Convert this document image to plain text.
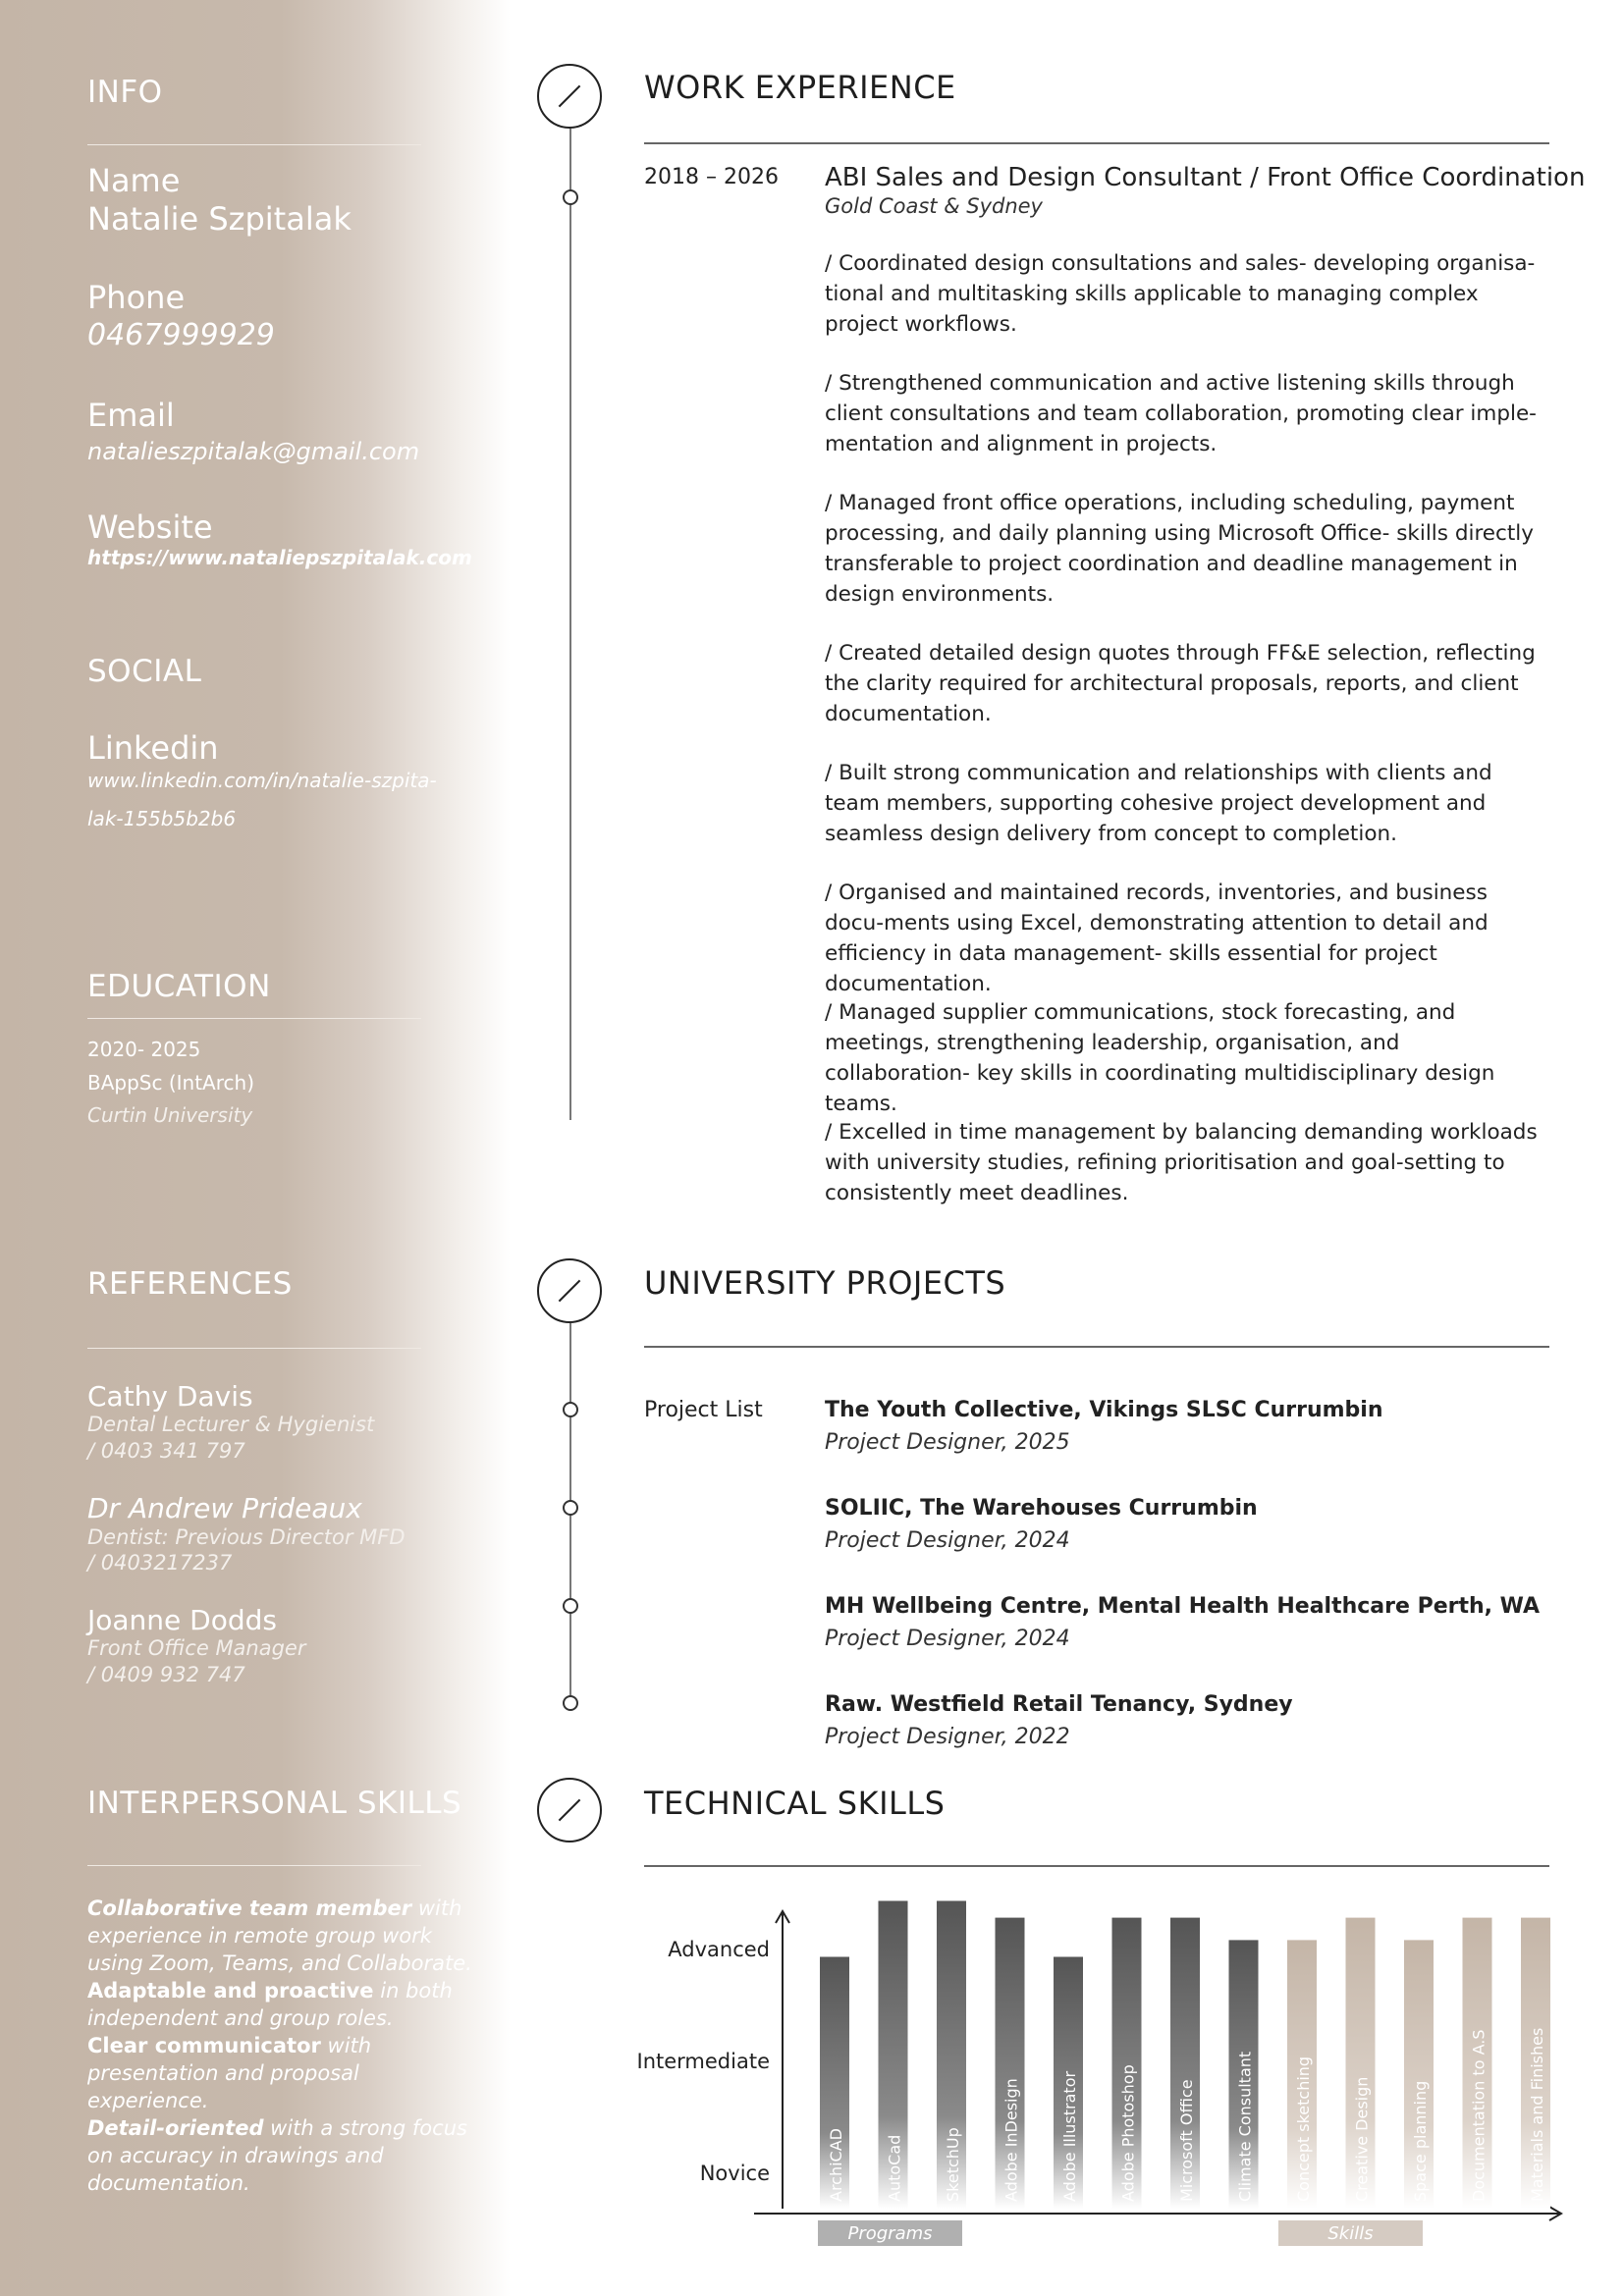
INFO
Name
Natalie Szpitalak
Phone
0467999929
Email
natalieszpitalak@gmail.com
Website
https://www.nataliepszpitalak.com
SOCIAL
Linkedin
www.linkedin.com/in/natalie-szpita-
lak-155b5b2b6
EDUCATION
2020- 2025
BAppSc (IntArch)
Curtin University
REFERENCES
Cathy Davis
Dental Lecturer & Hygienist
/ 0403 341 797
Dr Andrew Prideaux
Dentist: Previous Director MFD
/ 0403217237
Joanne Dodds
Front Office Manager
/ 0409 932 747
INTERPERSONAL SKILLS
Collaborative team member with experience in remote group work using Zoom, Teams, and Collaborate.
Adaptable and proactive in both independent and group roles.
Clear communicator with presentation and proposal experience.
Detail-oriented with a strong focus on accuracy in drawings and documentation.
WORK EXPERIENCE
2018 – 2026 ABI Sales and Design Consultant / Front Office Coordination
Gold Coast & Sydney
/ Coordinated design consultations and sales- developing organisa-tional and multitasking skills applicable to managing complex project workflows.
/ Strengthened communication and active listening skills through client consultations and team collaboration, promoting clear imple-mentation and alignment in projects.
/ Managed front office operations, including scheduling, payment processing, and daily planning using Microsoft Office- skills directly transferable to project coordination and deadline management in design environments.
/ Created detailed design quotes through FF&E selection, reflecting the clarity required for architectural proposals, reports, and client documentation.
/ Built strong communication and relationships with clients and team members, supporting cohesive project development and seamless design delivery from concept to completion.
/ Organised and maintained records, inventories, and business docu-ments using Excel, demonstrating attention to detail and efficiency in data management- skills essential for project documentation.
/ Managed supplier communications, stock forecasting, and meetings, strengthening leadership, organisation, and collaboration- key skills in coordinating multidisciplinary design teams.
/ Excelled in time management by balancing demanding workloads with university studies, refining prioritisation and goal-setting to consistently meet deadlines.
UNIVERSITY PROJECTS
Project List	The Youth Collective, Vikings SLSC Currumbin
Project Designer, 2025
SOLIIC, The Warehouses Currumbin
Project Designer, 2024
MH Wellbeing Centre, Mental Health Healthcare Perth, WA
Project Designer, 2024
Raw. Westfield Retail Tenancy, Sydney
Project Designer, 2022
TECHNICAL SKILLS
Novice
Intermediate
Advanced
ArchiCAD	AutoCad	SketchUp	Adobe InDesign	Adobe Illustrator	Adobe Photoshop	Microsoft Office	Climate Consultant	Concept sketching	Creative Design	Space planning	Documentation to A.S	Materials and Finishes
Programs	Skills
